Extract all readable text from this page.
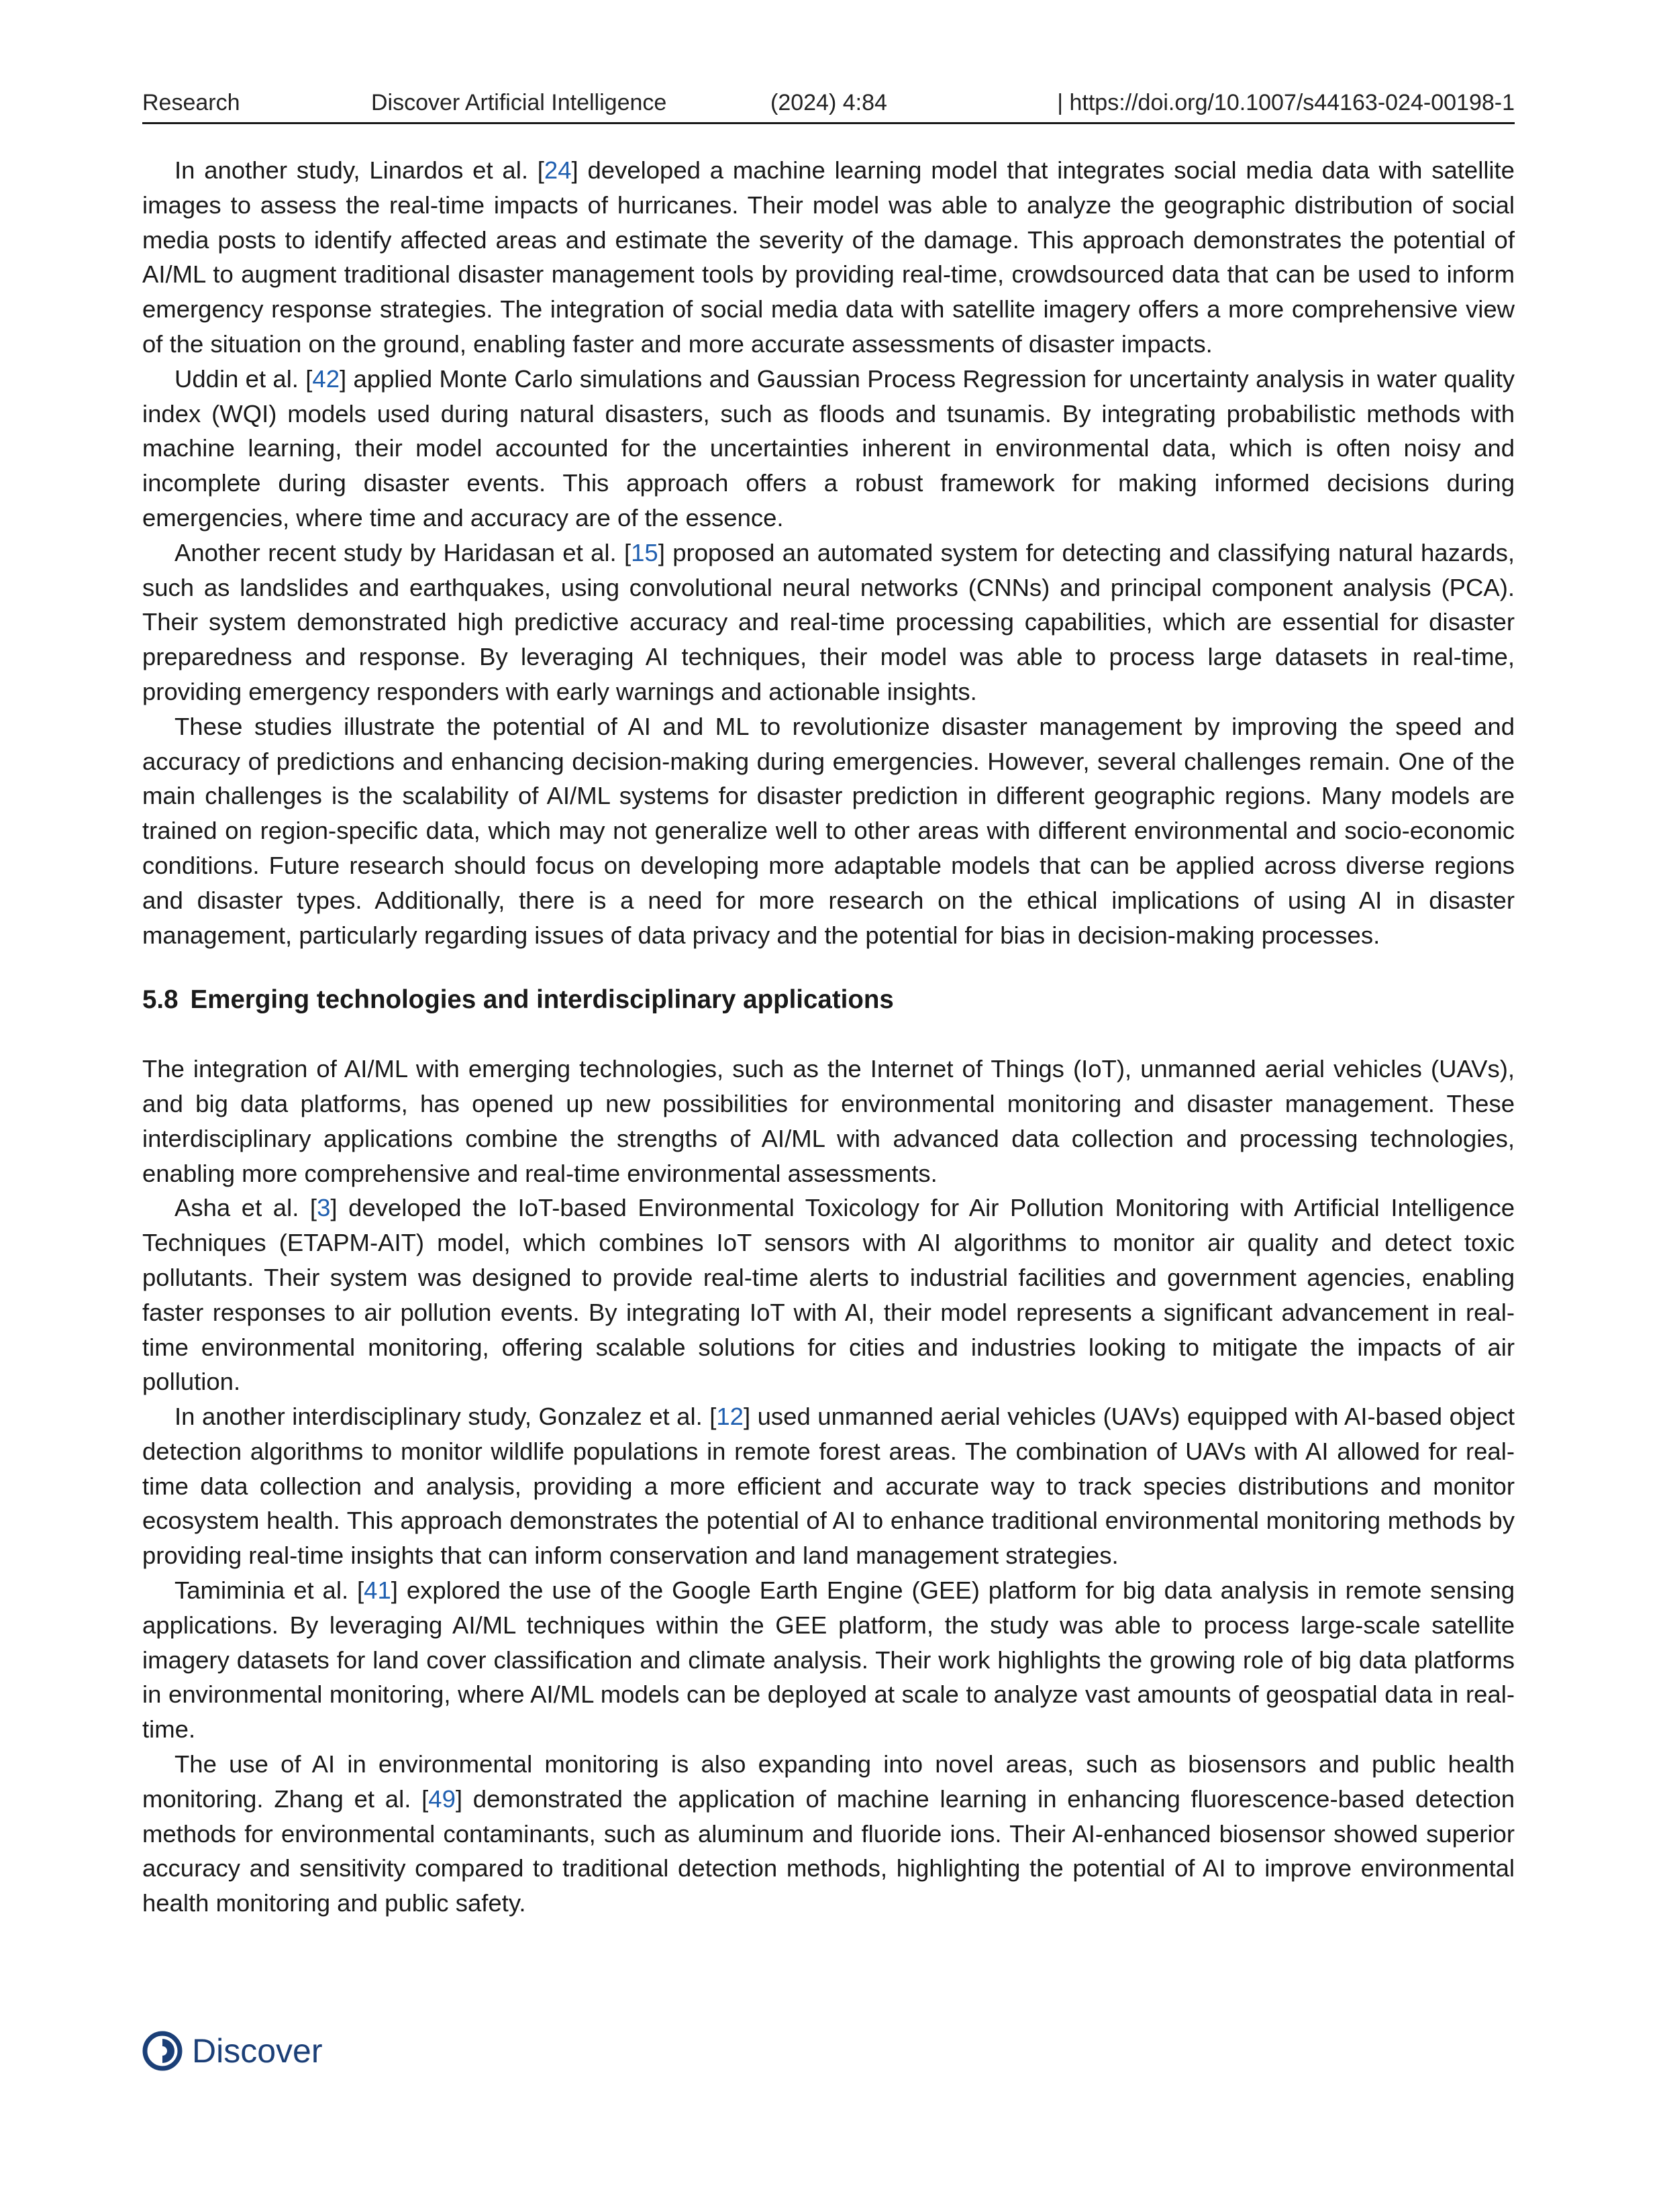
Research	Discover Artificial Intelligence	(2024) 4:84	| https://doi.org/10.1007/s44163-024-00198-1

In another study, Linardos et al. [24] developed a machine learning model that integrates social media data with satellite images to assess the real-time impacts of hurricanes. Their model was able to analyze the geographic distribution of social media posts to identify affected areas and estimate the severity of the damage. This approach demonstrates the potential of AI/ML to augment traditional disaster management tools by providing real-time, crowdsourced data that can be used to inform emergency response strategies. The integration of social media data with satellite imagery offers a more comprehensive view of the situation on the ground, enabling faster and more accurate assessments of disaster impacts.

Uddin et al. [42] applied Monte Carlo simulations and Gaussian Process Regression for uncertainty analysis in water quality index (WQI) models used during natural disasters, such as floods and tsunamis. By integrating probabilistic methods with machine learning, their model accounted for the uncertainties inherent in environmental data, which is often noisy and incomplete during disaster events. This approach offers a robust framework for making informed decisions during emergencies, where time and accuracy are of the essence.

Another recent study by Haridasan et al. [15] proposed an automated system for detecting and classifying natural hazards, such as landslides and earthquakes, using convolutional neural networks (CNNs) and principal component analysis (PCA). Their system demonstrated high predictive accuracy and real-time processing capabilities, which are essential for disaster preparedness and response. By leveraging AI techniques, their model was able to process large datasets in real-time, providing emergency responders with early warnings and actionable insights.

These studies illustrate the potential of AI and ML to revolutionize disaster management by improving the speed and accuracy of predictions and enhancing decision-making during emergencies. However, several challenges remain. One of the main challenges is the scalability of AI/ML systems for disaster prediction in different geographic regions. Many models are trained on region-specific data, which may not generalize well to other areas with different environmental and socio-economic conditions. Future research should focus on developing more adaptable models that can be applied across diverse regions and disaster types. Additionally, there is a need for more research on the ethical implications of using AI in disaster management, particularly regarding issues of data privacy and the potential for bias in decision-making processes.

5.8 Emerging technologies and interdisciplinary applications

The integration of AI/ML with emerging technologies, such as the Internet of Things (IoT), unmanned aerial vehicles (UAVs), and big data platforms, has opened up new possibilities for environmental monitoring and disaster management. These interdisciplinary applications combine the strengths of AI/ML with advanced data collection and processing technologies, enabling more comprehensive and real-time environmental assessments.

Asha et al. [3] developed the IoT-based Environmental Toxicology for Air Pollution Monitoring with Artificial Intelligence Techniques (ETAPM-AIT) model, which combines IoT sensors with AI algorithms to monitor air quality and detect toxic pollutants. Their system was designed to provide real-time alerts to industrial facilities and government agencies, enabling faster responses to air pollution events. By integrating IoT with AI, their model represents a significant advancement in real-time environmental monitoring, offering scalable solutions for cities and industries looking to mitigate the impacts of air pollution.

In another interdisciplinary study, Gonzalez et al. [12] used unmanned aerial vehicles (UAVs) equipped with AI-based object detection algorithms to monitor wildlife populations in remote forest areas. The combination of UAVs with AI allowed for real-time data collection and analysis, providing a more efficient and accurate way to track species distributions and monitor ecosystem health. This approach demonstrates the potential of AI to enhance traditional environmental monitoring methods by providing real-time insights that can inform conservation and land management strategies.

Tamiminia et al. [41] explored the use of the Google Earth Engine (GEE) platform for big data analysis in remote sensing applications. By leveraging AI/ML techniques within the GEE platform, the study was able to process large-scale satellite imagery datasets for land cover classification and climate analysis. Their work highlights the growing role of big data platforms in environmental monitoring, where AI/ML models can be deployed at scale to analyze vast amounts of geospatial data in real-time.

The use of AI in environmental monitoring is also expanding into novel areas, such as biosensors and public health monitoring. Zhang et al. [49] demonstrated the application of machine learning in enhancing fluorescence-based detection methods for environmental contaminants, such as aluminum and fluoride ions. Their AI-enhanced biosensor showed superior accuracy and sensitivity compared to traditional detection methods, highlighting the potential of AI to improve environmental health monitoring and public safety.

Discover
